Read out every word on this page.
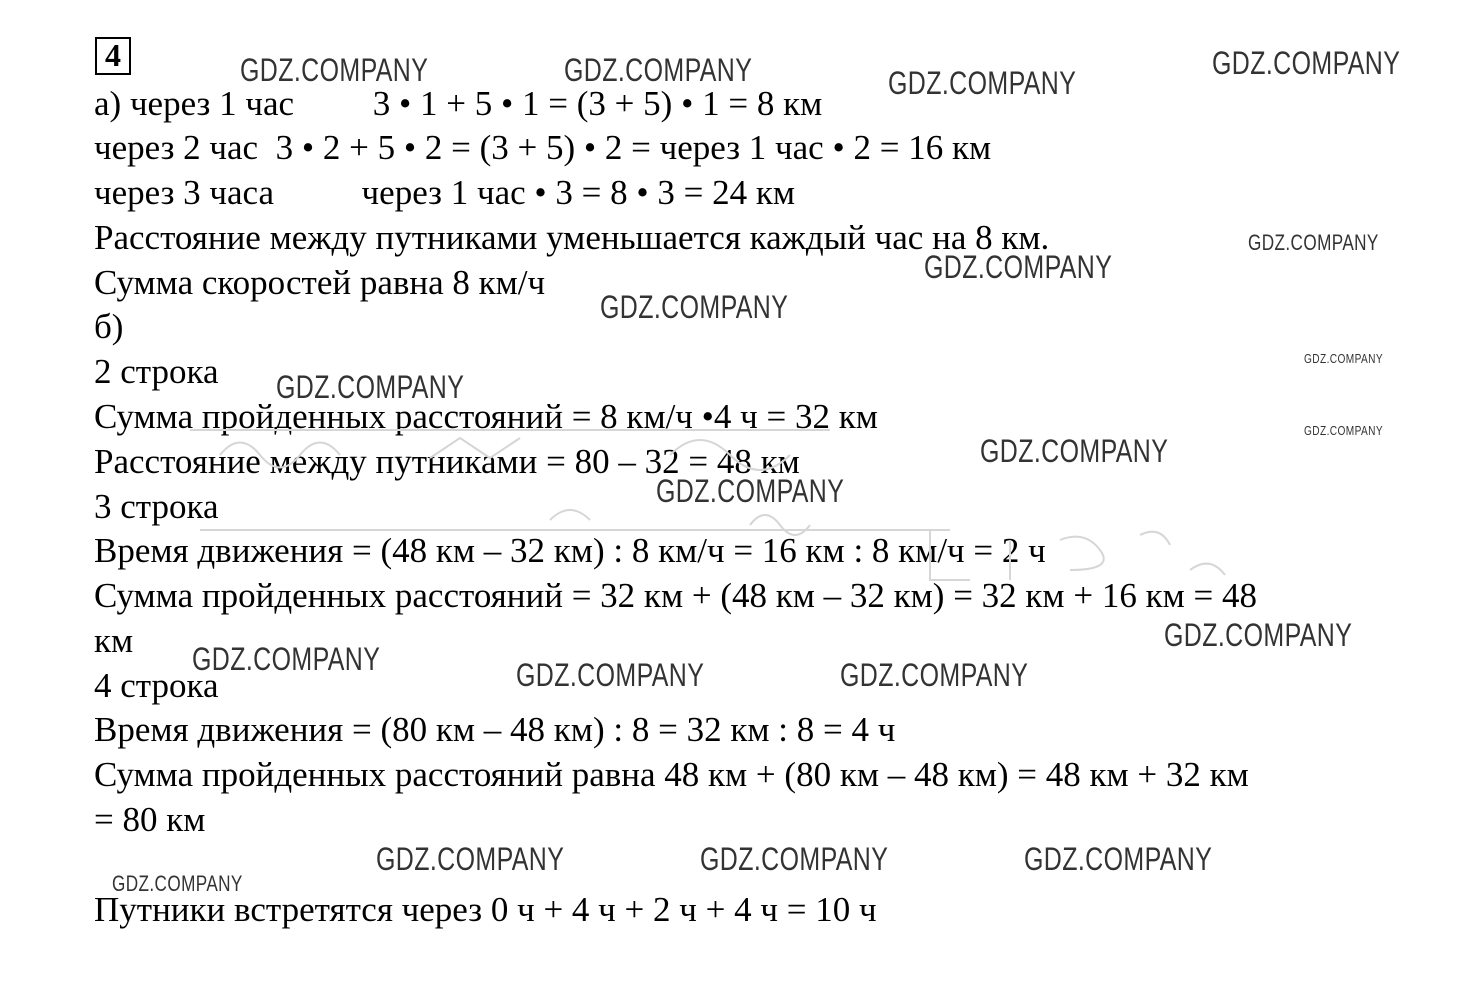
4
а) через 1 час         3 • 1 + 5 • 1 = (3 + 5) • 1 = 8 км
через 2 час  3 • 2 + 5 • 2 = (3 + 5) • 2 = через 1 час • 2 = 16 км
через 3 часа          через 1 час • 3 = 8 • 3 = 24 км
Расстояние между путниками уменьшается каждый час на 8 км.
Сумма скоростей равна 8 км/ч
б)
2 строка
Сумма пройденных расстояний = 8 км/ч •4 ч = 32 км
Расстояние между путниками = 80 – 32 = 48 км
3 строка
Время движения = (48 км – 32 км) : 8 км/ч = 16 км : 8 км/ч = 2 ч
Сумма пройденных расстояний = 32 км + (48 км – 32 км) = 32 км + 16 км = 48
км
4 строка
Время движения = (80 км – 48 км) : 8 = 32 км : 8 = 4 ч
Сумма пройденных расстояний равна 48 км + (80 км – 48 км) = 48 км + 32 км
= 80 км
Путники встретятся через 0 ч + 4 ч + 2 ч + 4 ч = 10 ч
GDZ.COMPANY	GDZ.COMPANY	GDZ.COMPANY
GDZ.COMPANY
GDZ.COMPANY
GDZ.COMPANY
GDZ.COMPANY
GDZ.COMPANY
GDZ.COMPANY
GDZ.COMPANY
GDZ.COMPANY
GDZ.COMPANY
GDZ.COMPANY
GDZ.COMPANY	GDZ.COMPANY	GDZ.COMPANY
GDZ.COMPANY	GDZ.COMPANY	GDZ.COMPANY
GDZ.COMPANY
